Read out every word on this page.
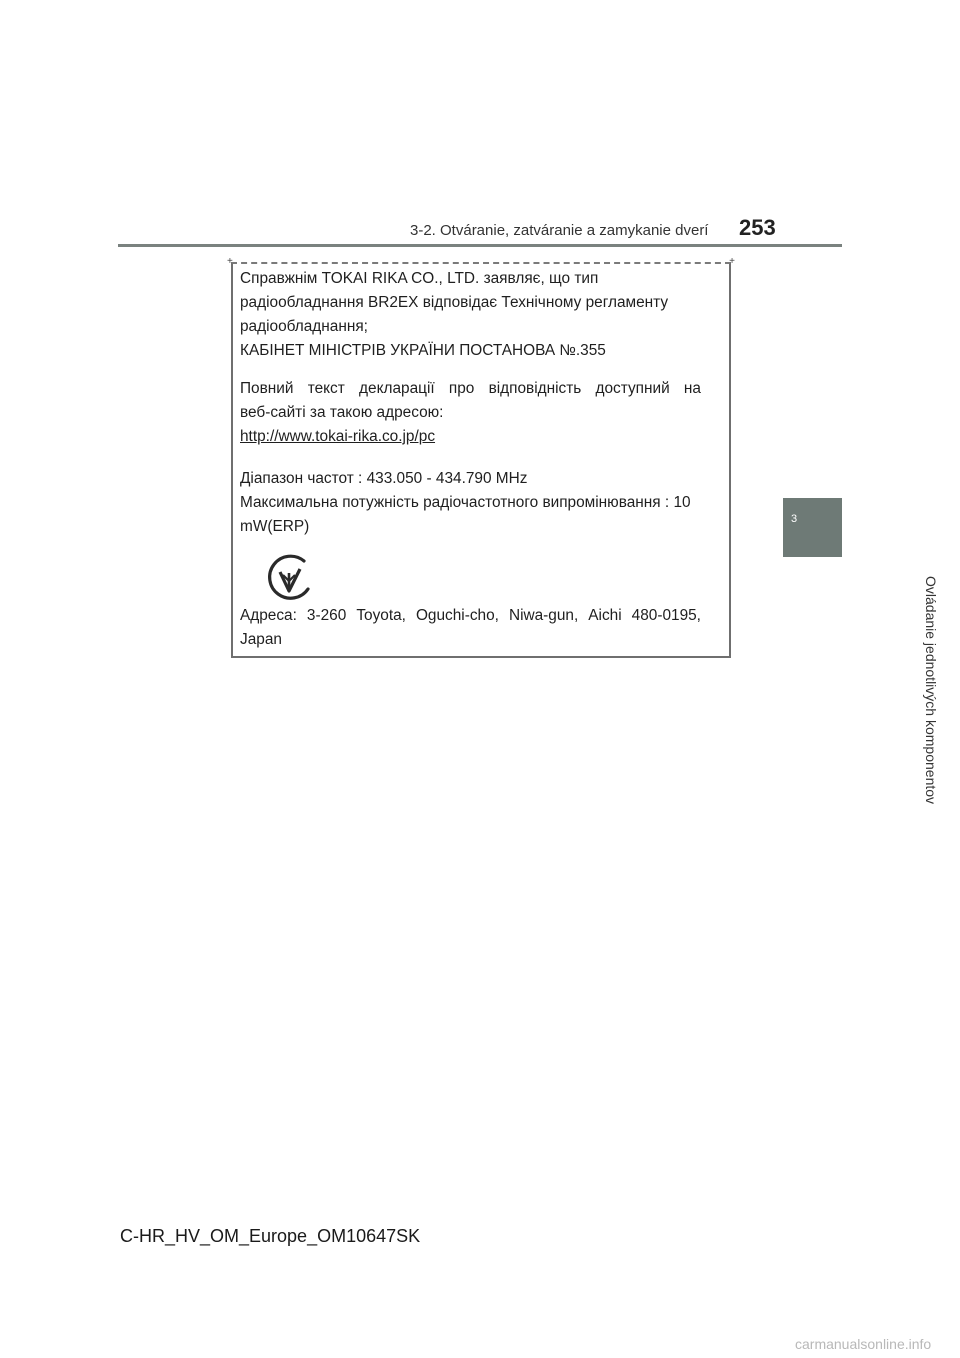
3-2. Otváranie, zatváranie a zamykanie dverí 253
3
Ovládanie jednotlivých komponentov
+	+
Справжнім TOKAI RIKA CO., LTD. заявляє, що тип
радіообладнання BR2EX відповідає Технічному регламенту
радіообладнання;
КАБІНЕТ МІНІСТРІВ УКРАЇНИ ПОСТАНОВА №.355
Повний текст декларації про відповідність доступний на
веб-сайті за такою адресою:
http://www.tokai-rika.co.jp/pc
Діапазон частот : 433.050 - 434.790 MHz
Максимальна потужність радіочастотного випромінювання : 10
mW(ERP)
Адреса: 3-260 Toyota, Oguchi-cho, Niwa-gun, Aichi 480-0195,
Japan
C-HR_HV_OM_Europe_OM10647SK
carmanualsonline.info
